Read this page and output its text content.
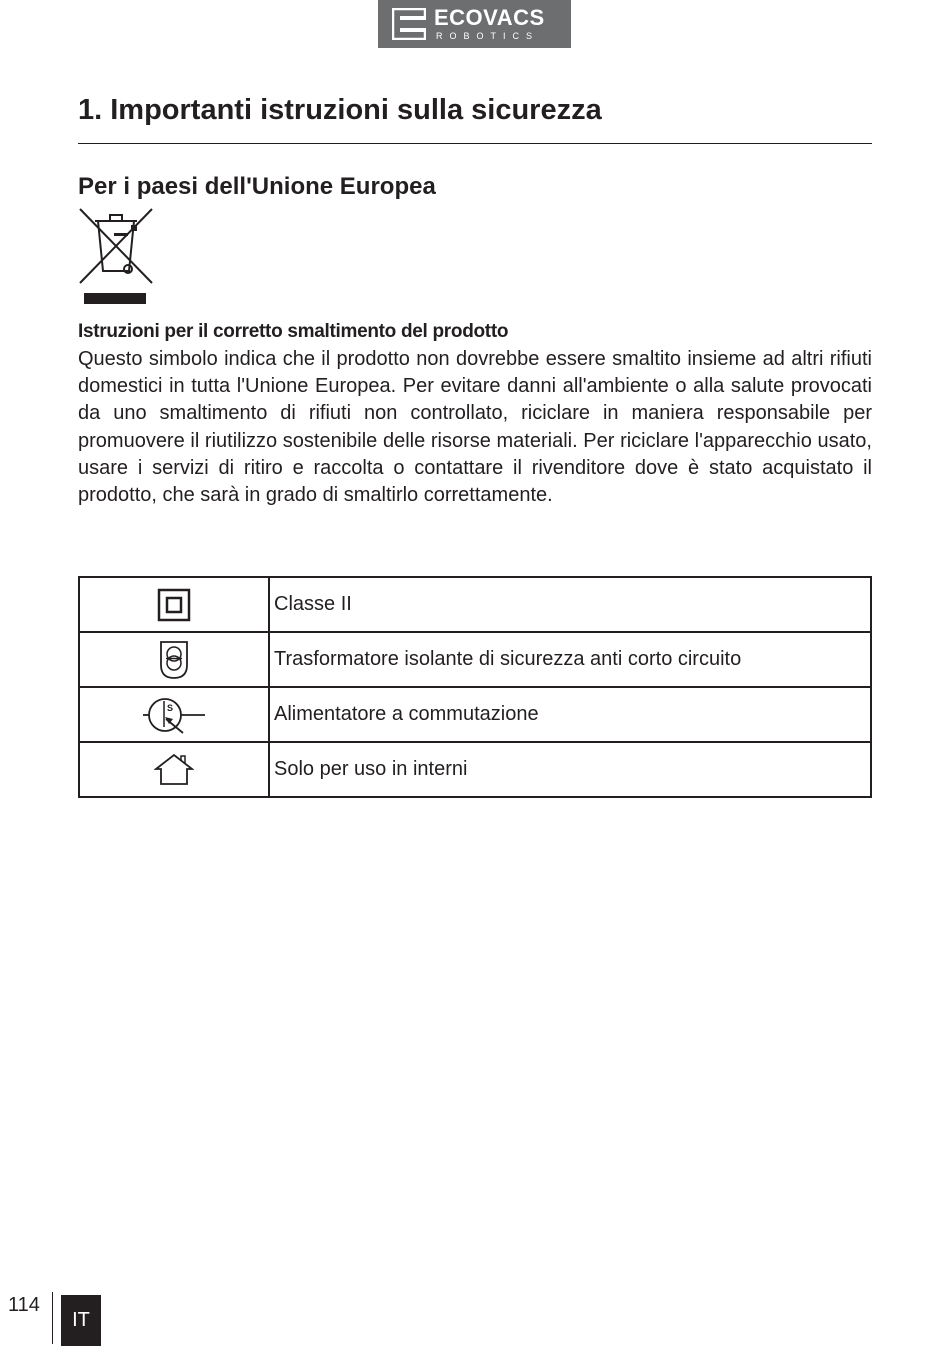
ECOVACS
ROBOTICS
1. Importanti istruzioni sulla sicurezza
Per i paesi dell'Unione Europea
Istruzioni per il corretto smaltimento del prodotto

Questo simbolo indica che il prodotto non dovrebbe essere smaltito insieme ad altri rifiuti domestici in tutta l'Unione Europea. Per evitare danni all'ambiente o alla salute provocati da uno smaltimento di rifiuti non controllato, riciclare in maniera responsabile per promuovere il riutilizzo sostenibile delle risorse materiali. Per riciclare l'apparecchio usato, usare i servizi di ritiro e raccolta o contattare il rivenditore dove è stato acquistato il prodotto, che sarà in grado di smaltirlo correttamente.

	Classe II
	Trasformatore isolante di sicurezza anti corto circuito

S	Alimentatore a commutazione
	Solo per uso in interni
114
IT
